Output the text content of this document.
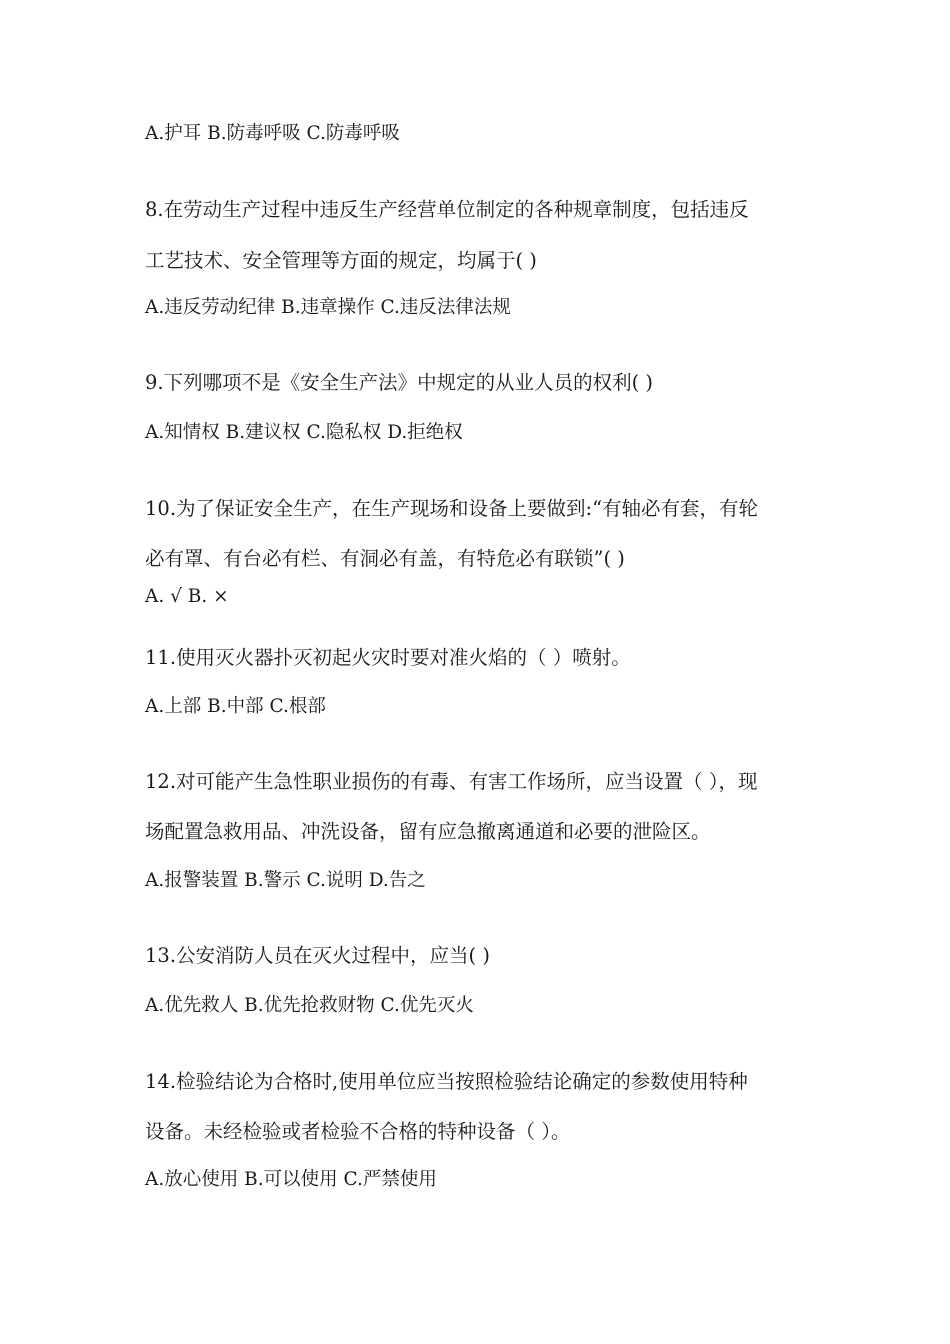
A.护耳 B.防毒呼吸 C.防毒呼吸
8.在劳动生产过程中违反生产经营单位制定的各种规章制度，包括违反
工艺技术、安全管理等方面的规定，均属于( )
A.违反劳动纪律 B.违章操作 C.违反法律法规
9.下列哪项不是《安全生产法》中规定的从业人员的权利( )
A.知情权 B.建议权 C.隐私权 D.拒绝权
10.为了保证安全生产，在生产现场和设备上要做到:“有轴必有套，有轮
必有罩、有台必有栏、有洞必有盖，有特危必有联锁”( )
A. √ B. ×
11.使用灭火器扑灭初起火灾时要对准火焰的（ ）喷射。
A.上部 B.中部 C.根部
12.对可能产生急性职业损伤的有毒、有害工作场所，应当设置（ ），现
场配置急救用品、冲洗设备，留有应急撤离通道和必要的泄险区。
A.报警装置 B.警示 C.说明 D.告之
13.公安消防人员在灭火过程中，应当( )
A.优先救人 B.优先抢救财物 C.优先灭火
14.检验结论为合格时,使用单位应当按照检验结论确定的参数使用特种
设备。未经检验或者检验不合格的特种设备（ ）。
A.放心使用 B.可以使用 C.严禁使用
